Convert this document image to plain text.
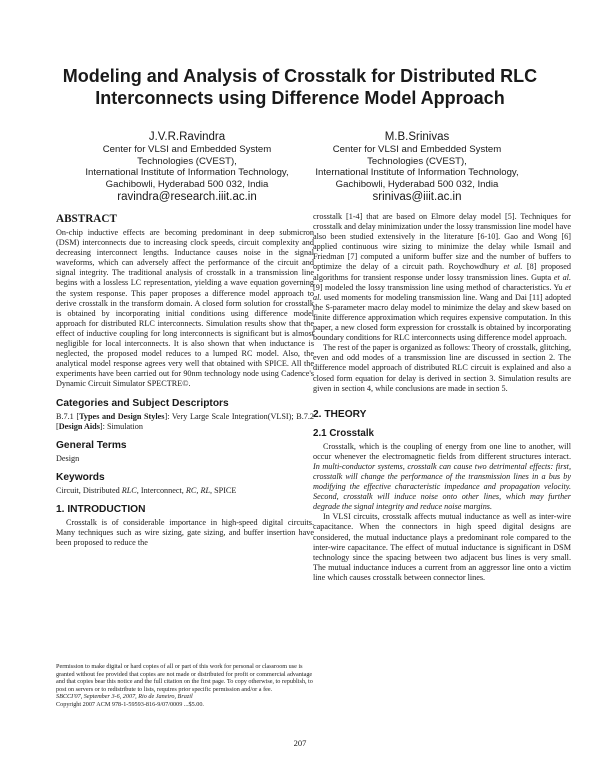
Modeling and Analysis of Crosstalk for Distributed RLC
Interconnects using Difference Model Approach
J.V.R.Ravindra
Center for VLSI and Embedded System
Technologies (CVEST),
International Institute of Information Technology,
Gachibowli, Hyderabad 500 032, India
ravindra@research.iiit.ac.in
M.B.Srinivas
Center for VLSI and Embedded System
Technologies (CVEST),
International Institute of Information Technology,
Gachibowli, Hyderabad 500 032, India
srinivas@iiit.ac.in
ABSTRACT

On-chip inductive effects are becoming predominant in deep submicron (DSM) interconnects due to increasing clock speeds, circuit complexity and decreasing interconnect lengths. Inductance causes noise in the signal waveforms, which can adversely affect the performance of the circuit and signal integrity. The traditional analysis of crosstalk in a transmission line begins with a lossless LC representation, yielding a wave equation governing the system response. This paper proposes a difference model approach to derive crosstalk in the transform domain. A closed form solution for crosstalk is obtained by incorporating initial conditions using difference model approach for distributed RLC interconnects. Simulation results show that the effect of inductive coupling for long interconnects is significant but is almost negligible for local interconnects. It is also shown that when inductance is neglected, the proposed model reduces to a lumped RC model. Also, the analytical model response agrees very well that obtained with SPICE. All the experiments have been carried out for 90nm technology node using Cadence's Dynamic Circuit Simulator SPECTRE©.

Categories and Subject Descriptors

B.7.1 [Types and Design Styles]: Very Large Scale Integration(VLSI); B.7.2 [Design Aids]: Simulation

General Terms

Design

Keywords

Circuit, Distributed RLC, Interconnect, RC, RL, SPICE

1. INTRODUCTION

Crosstalk is of considerable importance in high-speed digital circuits. Many techniques such as wire sizing, gate sizing, and buffer insertion have been proposed to reduce the

Permission to make digital or hard copies of all or part of this work for personal or classroom use is granted without fee provided that copies are not made or distributed for profit or commercial advantage and that copies bear this notice and the full citation on the first page. To copy otherwise, to republish, to post on servers or to redistribute to lists, requires prior specific permission and/or a fee.

SBCCI'07, September 3-6, 2007, Rio de Janeiro, Brazil

Copyright 2007 ACM 978-1-59593-816-9/07/0009 ...$5.00.

crosstalk [1-4] that are based on Elmore delay model [5]. Techniques for crosstalk and delay minimization under the lossy transmission line model have also been studied extensively in the literature [6-10]. Gao and Wong [6] applied continuous wire sizing to minimize the delay while Ismail and Friedman [7] computed a uniform buffer size and the number of buffers to optimize the delay of a circuit path. Roychowdhury et al. [8] proposed algorithms for transient response under lossy transmission lines. Gupta et al. [9] modeled the lossy transmission line using method of characteristics. Yu et al. used moments for modeling transmission line. Wang and Dai [11] adopted the S-parameter macro delay model to minimize the delay and skew based on finite difference approximation which requires expensive computation. In this paper, a new closed form expression for crosstalk is obtained by incorporating boundary conditions for RLC interconnects using difference model approach.

The rest of the paper is organized as follows: Theory of crosstalk, glitching, even and odd modes of a transmission line are discussed in section 2. The difference model approach of distributed RLC circuit is explained and also a closed form equation for delay is derived in section 3. Simulation results are given in section 4, while conclusions are made in section 5.

2. THEORY
2.1 Crosstalk

Crosstalk, which is the coupling of energy from one line to another, will occur whenever the electromagnetic fields from different structures interact. In multi-conductor systems, crosstalk can cause two detrimental effects: first, crosstalk will change the performance of the transmission lines in a bus by modifying the effective characteristic impedance and propagation velocity. Second, crosstalk will induce noise onto other lines, which may further degrade the signal integrity and reduce noise margins.

In VLSI circuits, crosstalk affects mutual inductance as well as inter-wire capacitance. When the connectors in high speed digital designs are considered, the mutual inductance plays a predominant role compared to the inter-wire capacitance. The effect of mutual inductance is significant in DSM technology since the spacing between two adjacent bus lines is very small. The mutual inductance induces a current from an aggressor line onto a victim line which causes crosstalk between connector lines.

207
